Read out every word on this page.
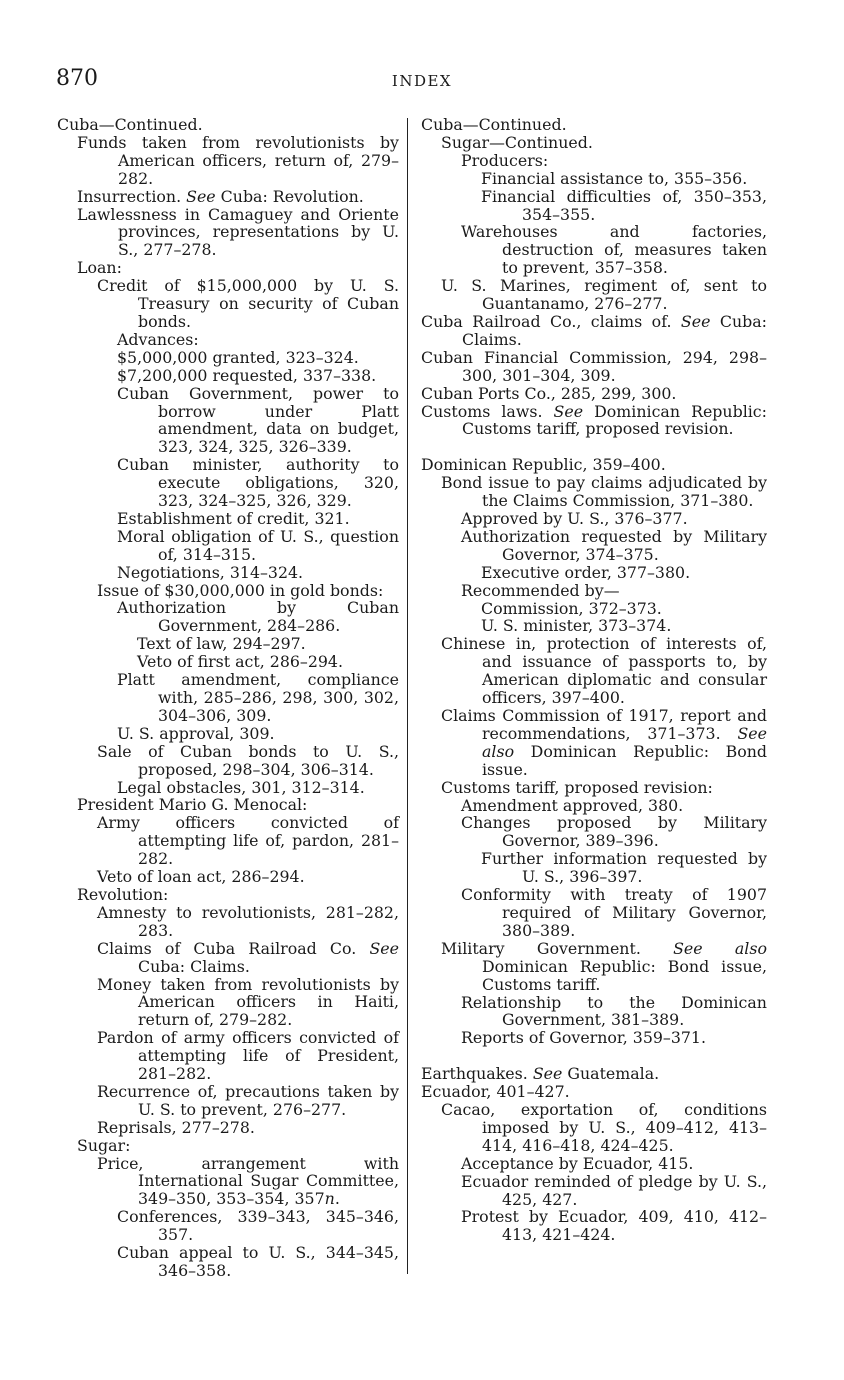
870	INDEX
Cuba—Continued.
Funds taken from revolutionists by American officers, return of, 279–282.
Insurrection. See Cuba: Revolution.
Lawlessness in Camaguey and Oriente provinces, representations by U. S., 277–278.
Loan:
Credit of $15,000,000 by U. S. Treasury on security of Cuban bonds.
Advances:
$5,000,000 granted, 323–324.
$7,200,000 requested, 337–338.
Cuban Government, power to borrow under Platt amendment, data on budget, 323, 324, 325, 326–339.
Cuban minister, authority to execute obligations, 320, 323, 324–325, 326, 329.
Establishment of credit, 321.
Moral obligation of U. S., question of, 314–315.
Negotiations, 314–324.
Issue of $30,000,000 in gold bonds:
Authorization by Cuban Government, 284–286.
Text of law, 294–297.
Veto of first act, 286–294.
Platt amendment, compliance with, 285–286, 298, 300, 302, 304–306, 309.
U. S. approval, 309.
Sale of Cuban bonds to U. S., proposed, 298–304, 306–314.
Legal obstacles, 301, 312–314.
President Mario G. Menocal:
Army officers convicted of attempting life of, pardon, 281–282.
Veto of loan act, 286–294.
Revolution:
Amnesty to revolutionists, 281–282, 283.
Claims of Cuba Railroad Co. See Cuba: Claims.
Money taken from revolutionists by American officers in Haiti, return of, 279–282.
Pardon of army officers convicted of attempting life of President, 281–282.
Recurrence of, precautions taken by U. S. to prevent, 276–277.
Reprisals, 277–278.
Sugar:
Price, arrangement with International Sugar Committee, 349–350, 353–354, 357n.
Conferences, 339–343, 345–346, 357.
Cuban appeal to U. S., 344–345, 346–358.
Cuba—Continued.
Sugar—Continued.
Producers:
Financial assistance to, 355–356.
Financial difficulties of, 350–353, 354–355.
Warehouses and factories, destruction of, measures taken to prevent, 357–358.
U. S. Marines, regiment of, sent to Guantanamo, 276–277.
Cuba Railroad Co., claims of. See Cuba: Claims.
Cuban Financial Commission, 294, 298–300, 301–304, 309.
Cuban Ports Co., 285, 299, 300.
Customs laws. See Dominican Republic: Customs tariff, proposed revision.
Dominican Republic, 359–400.
Bond issue to pay claims adjudicated by the Claims Commission, 371–380.
Approved by U. S., 376–377.
Authorization requested by Military Governor, 374–375.
Executive order, 377–380.
Recommended by—
Commission, 372–373.
U. S. minister, 373–374.
Chinese in, protection of interests of, and issuance of passports to, by American diplomatic and consular officers, 397–400.
Claims Commission of 1917, report and recommendations, 371–373. See also Dominican Republic: Bond issue.
Customs tariff, proposed revision:
Amendment approved, 380.
Changes proposed by Military Governor, 389–396.
Further information requested by U. S., 396–397.
Conformity with treaty of 1907 required of Military Governor, 380–389.
Military Government. See also Dominican Republic: Bond issue, Customs tariff.
Relationship to the Dominican Government, 381–389.
Reports of Governor, 359–371.
Earthquakes. See Guatemala.
Ecuador, 401–427.
Cacao, exportation of, conditions imposed by U. S., 409–412, 413–414, 416–418, 424–425.
Acceptance by Ecuador, 415.
Ecuador reminded of pledge by U. S., 425, 427.
Protest by Ecuador, 409, 410, 412–413, 421–424.
